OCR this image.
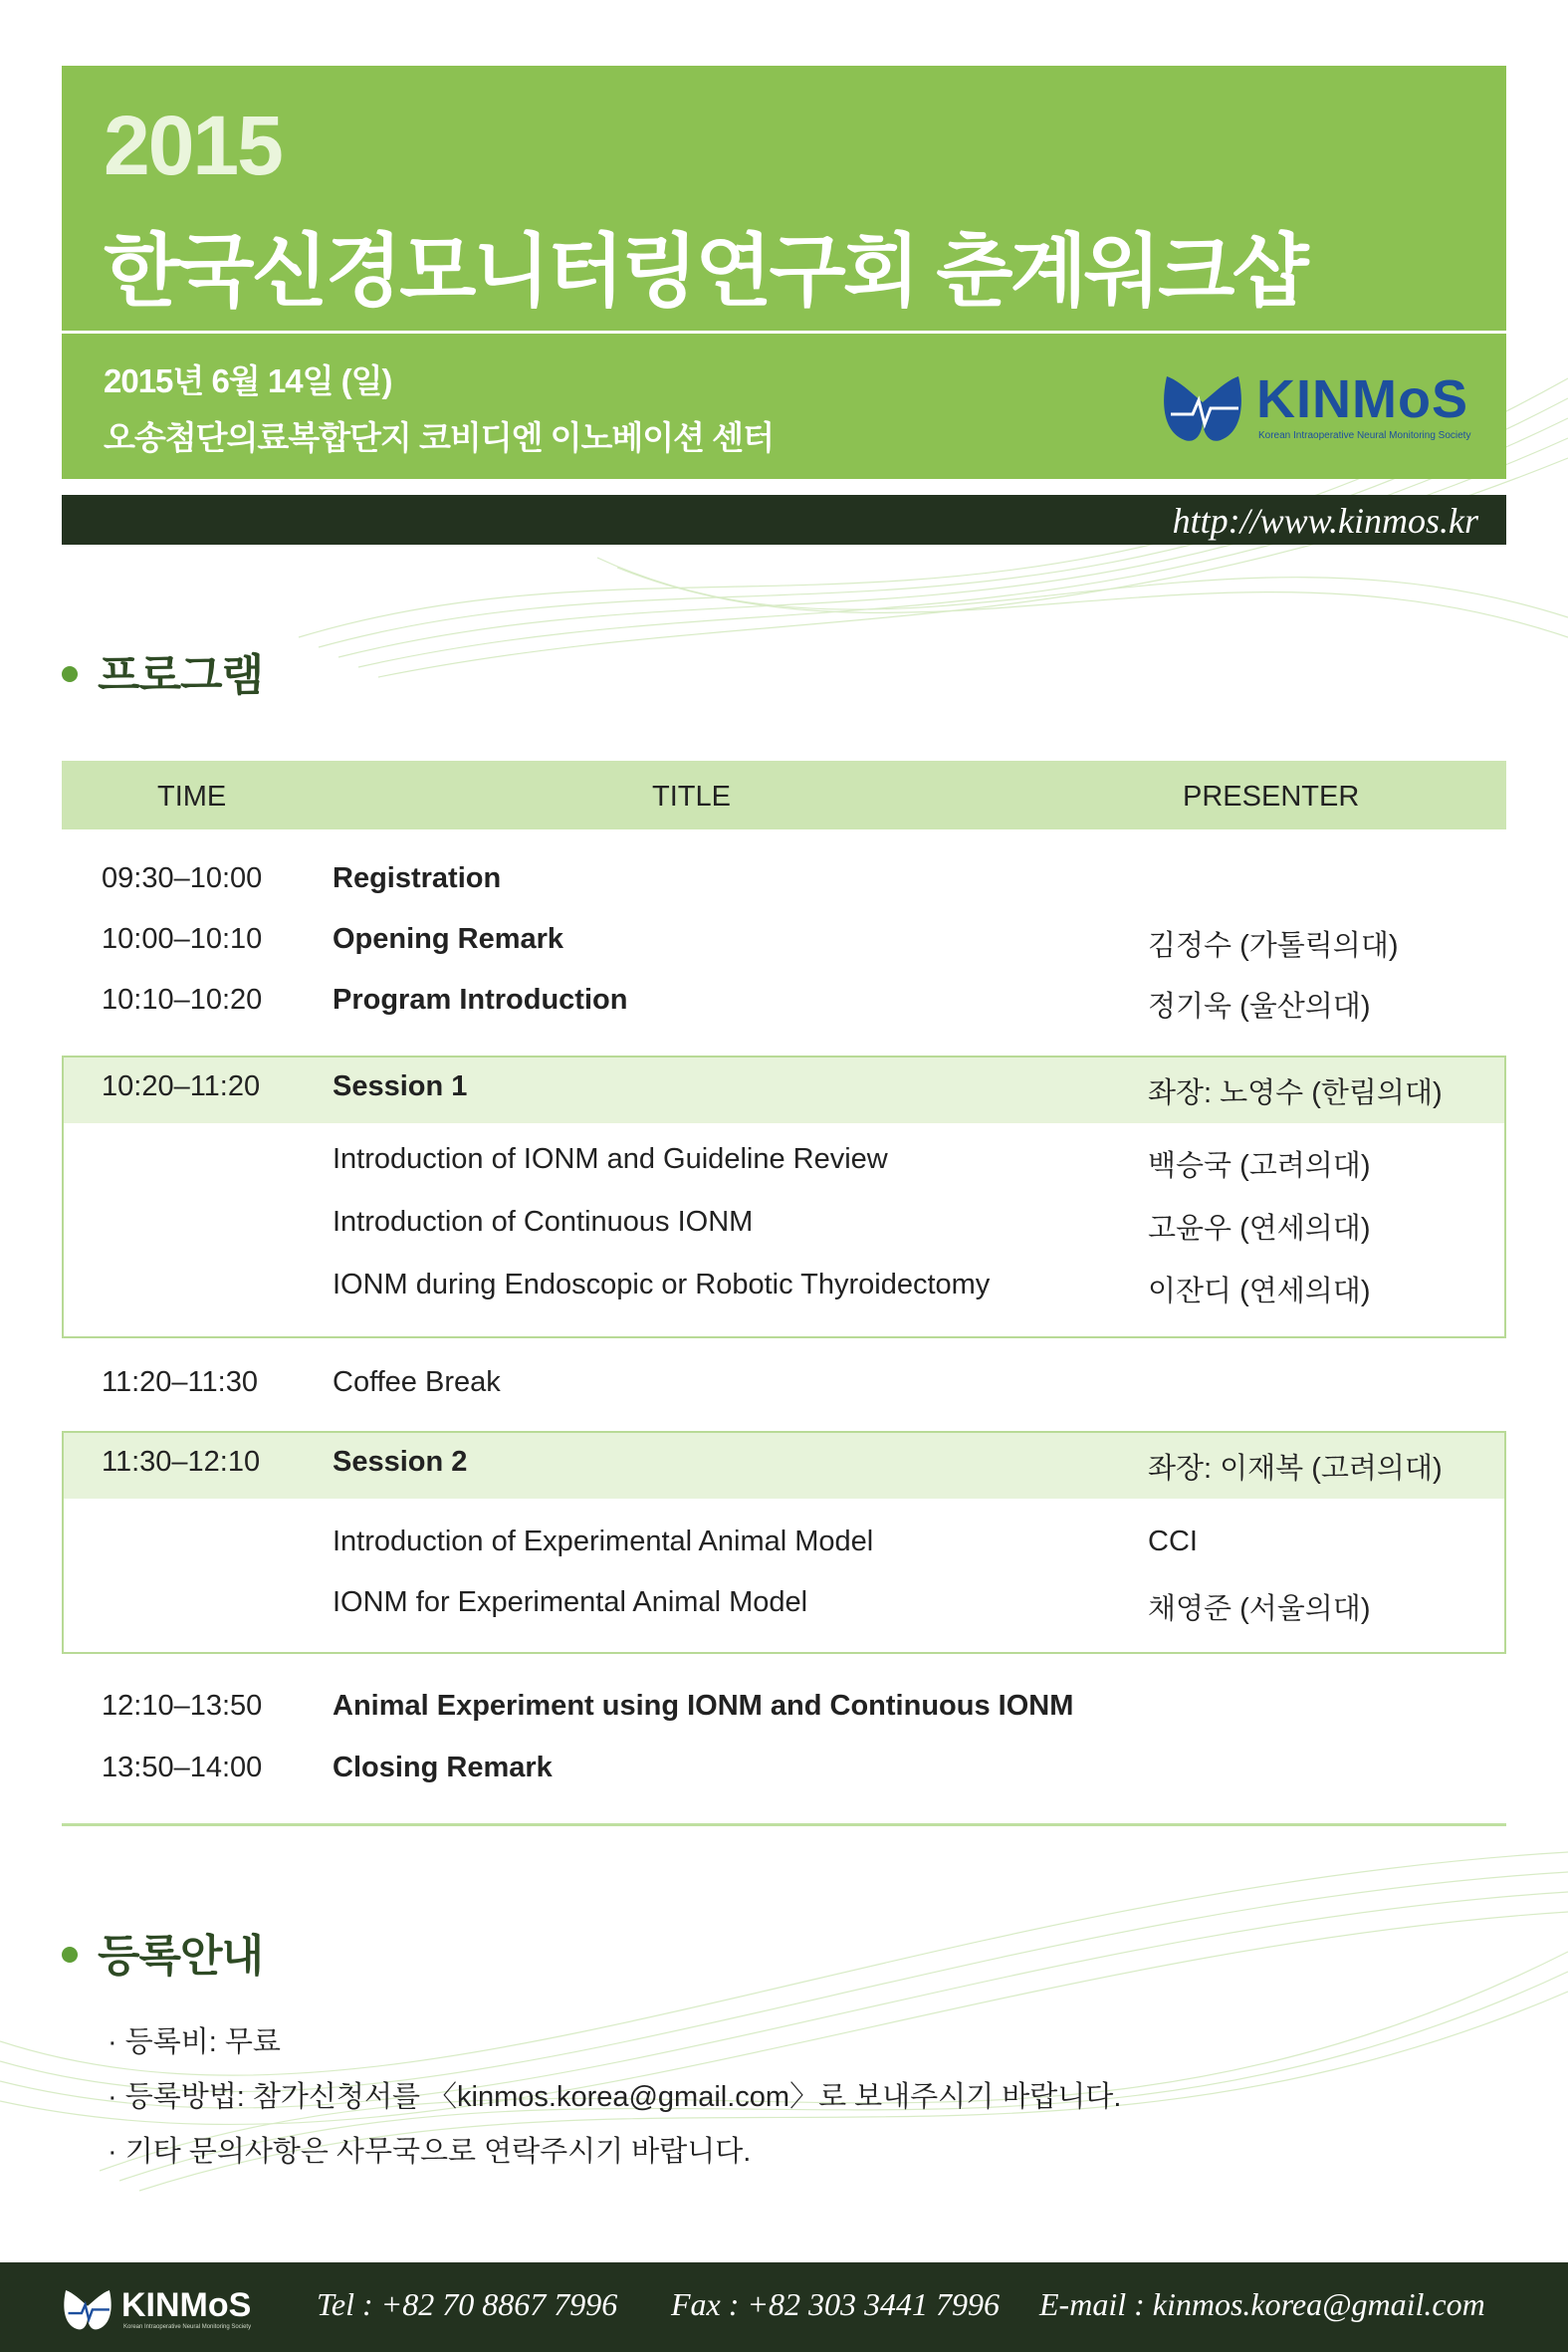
2015
한국신경모니터링연구회 춘계워크샵
2015년 6월 14일 (일)
오송첨단의료복합단지 코비디엔 이노베이션 센터
KINMoS
Korean Intraoperative Neural Monitoring Society
http://www.kinmos.kr
프로그램
TIME	TITLE	PRESENTER
09:30–10:00 Registration
10:00–10:10 Opening Remark	김정수 (가톨릭의대)
10:10–10:20 Program Introduction	정기욱 (울산의대)
10:20–11:20	Session 1	좌장: 노영수 (한림의대)
Introduction of IONM and Guideline Review	백승국 (고려의대)
Introduction of Continuous IONM	고윤우 (연세의대)
IONM during Endoscopic or Robotic Thyroidectomy	이잔디 (연세의대)
11:20–11:30	Coffee Break
11:30–12:10	Session 2	좌장: 이재복 (고려의대)
Introduction of Experimental Animal Model	CCI
IONM for Experimental Animal Model	채영준 (서울의대)
12:10–13:50 Animal Experiment using IONM and Continuous IONM
13:50–14:00 Closing Remark
등록안내
· 등록비: 무료
· 등록방법: 참가신청서를 〈kinmos.korea@gmail.com〉로 보내주시기 바랍니다.
· 기타 문의사항은 사무국으로 연락주시기 바랍니다.
KINMoS
Korean Intraoperative Neural Monitoring Society
Tel : +82 70 8867 7996 Fax : +82 303 3441 7996 E-mail : kinmos.korea@gmail.com
